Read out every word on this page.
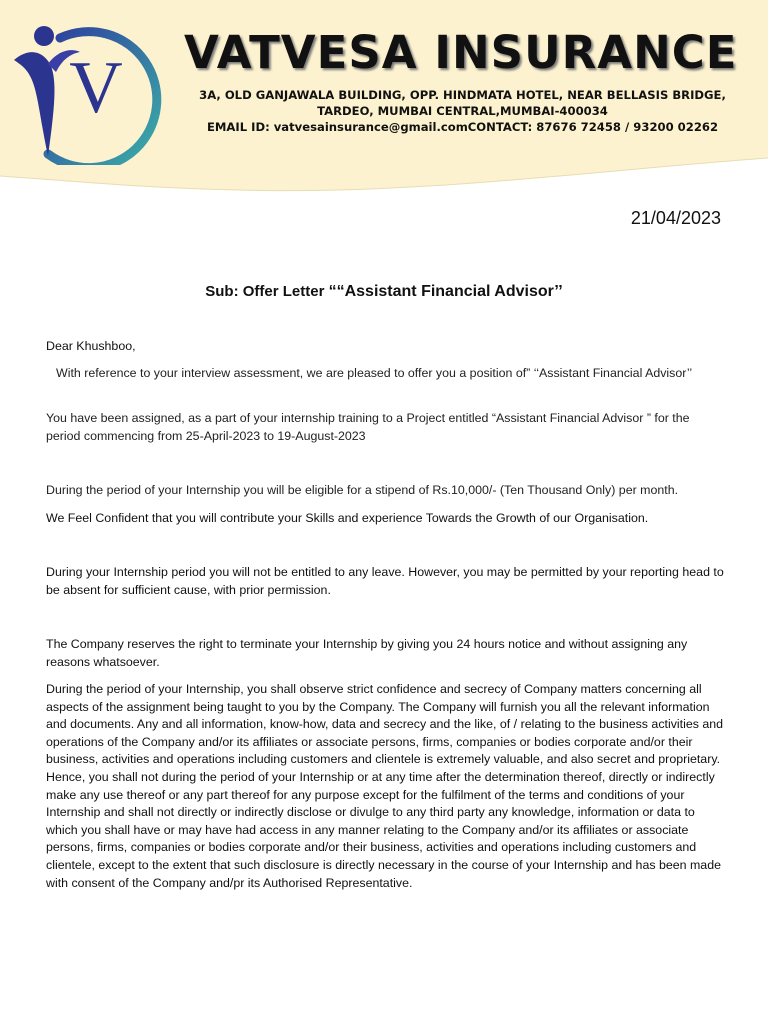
V VATVESA INSURANCE
3A, OLD GANJAWALA BUILDING, OPP. HINDMATA HOTEL, NEAR BELLASIS BRIDGE,
TARDEO, MUMBAI CENTRAL,MUMBAI-400034
EMAIL ID: vatvesainsurance@gmail.comCONTACT: 87676 72458 / 93200 02262
21/04/2023
Sub: Offer Letter ““Assistant Financial Advisor’’
Dear Khushboo,
With reference to your interview assessment, we are pleased to offer you a position of” ‘‘Assistant Financial Advisor’’
You have been assigned, as a part of your internship training to a Project entitled “Assistant Financial Advisor ” for the period commencing from 25-April-2023 to 19-August-2023
During the period of your Internship you will be eligible for a stipend of Rs.10,000/- (Ten Thousand Only) per month.
We Feel Confident that you will contribute your Skills and experience Towards the Growth of our Organisation.
During your Internship period you will not be entitled to any leave. However, you may be permitted by your reporting head to be absent for sufficient cause, with prior permission.
The Company reserves the right to terminate your Internship by giving you 24 hours notice and without assigning any reasons whatsoever.
During the period of your Internship, you shall observe strict confidence and secrecy of Company matters concerning all aspects of the assignment being taught to you by the Company. The Company will furnish you all the relevant information and documents. Any and all information, know-how, data and secrecy and the like, of / relating to the business activities and operations of the Company and/or its affiliates or associate persons, firms, companies or bodies corporate and/or their business, activities and operations including customers and clientele is extremely valuable, and also secret and proprietary. Hence, you shall not during the period of your Internship or at any time after the determination thereof, directly or indirectly make any use thereof or any part thereof for any purpose except for the fulfilment of the terms and conditions of your Internship and shall not directly or indirectly disclose or divulge to any third party any knowledge, information or data to which you shall have or may have had access in any manner relating to the Company and/or its affiliates or associate persons, firms, companies or bodies corporate and/or their business, activities and operations including customers and clientele, except to the extent that such disclosure is directly necessary in the course of your Internship and has been made with consent of the Company and/pr its Authorised Representative.
